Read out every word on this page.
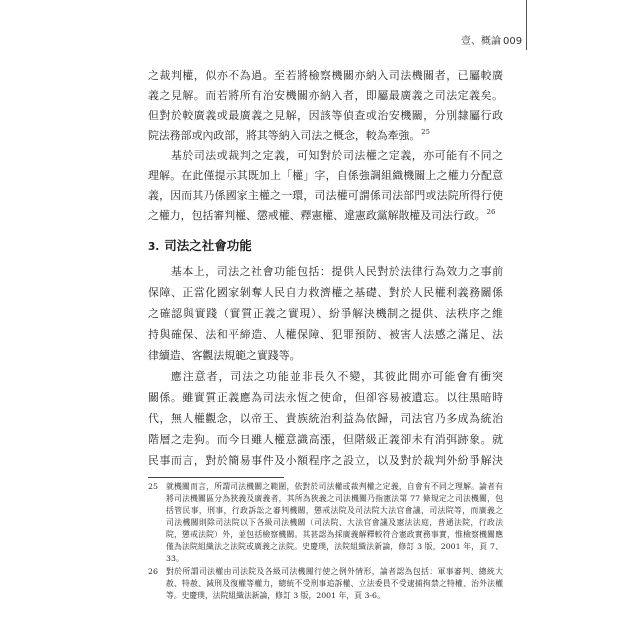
壹、概論 009
之裁判權，似亦不為過。至若將檢察機關亦納入司法機關者，已屬較廣
義之見解。而若將所有治安機關亦納入者，即屬最廣義之司法定義矣。
但對於較廣義或最廣義之見解，因該等偵查或治安機關，分別隸屬行政
院法務部或內政部，將其等納入司法之概念，較為牽強。$^{25}$
基於司法或裁判之定義，可知對於司法權之定義，亦可能有不同之
理解。在此僅提示其既加上「權」字，自係強調組織機關上之權力分配意
義，因而其乃係國家主權之一環，司法權可謂係司法部門或法院所得行使
之權力，包括審判權、懲戒權、釋憲權、違憲政黨解散權及司法行政。$^{26}$
3. 司法之社會功能
基本上，司法之社會功能包括：提供人民對於法律行為效力之事前
保障、正當化國家剝奪人民自力救濟權之基礎、對於人民權利義務關係
之確認與實踐（實質正義之實現）、紛爭解決機制之提供、法秩序之維
持與確保、法和平締造、人權保障、犯罪預防、被害人法感之滿足、法
律續造、客觀法規範之實踐等。
應注意者，司法之功能並非長久不變，其彼此間亦可能會有衝突
關係。雖實質正義應為司法永恆之使命，但卻容易被遺忘。以往黑暗時
代，無人權觀念，以帝王、貴族統治利益為依歸，司法官乃多成為統治
階層之走狗。而今日雖人權意識高漲，但階級正義卻未有消弭跡象。就
民事而言，對於簡易事件及小額程序之設立，以及對於裁判外紛爭解決
25 就機關而言，所謂司法機關之範圍，依對於司法權或裁判權之定義，自會有不同之理解。論者有
將司法機關區分為狹義及廣義者，其所為狹義之司法機關乃指憲法第 77 條規定之司法機關，包
括管民事，刑事，行政訴訟之審判機關，懲戒法院及司法院大法官會議，司法院等，而廣義之
司法機關則除司法院以下各級司法機關（司法院、大法官會議及憲法法庭，普通法院，行政法
院，懲戒法院）外，並包括檢察機關。其甚認為採廣義解釋較符合憲政實務事實，惟檢察機關應
僅為法院組織法之法院或廣義之法院。史慶璞，法院組織法新論，修訂 3 版，2001 年，頁 7、
33。
26 對於所謂司法權由司法院及各級司法機關行使之例外情形，論者認為包括：軍事審判、總統大
赦、特赦、減刑及復權等權力，總統不受刑事追訴權、立法委員不受逮捕拘禁之特權、治外法權
等。史慶璞，法院組織法新論，修訂 3 版，2001 年，頁 3-6。
